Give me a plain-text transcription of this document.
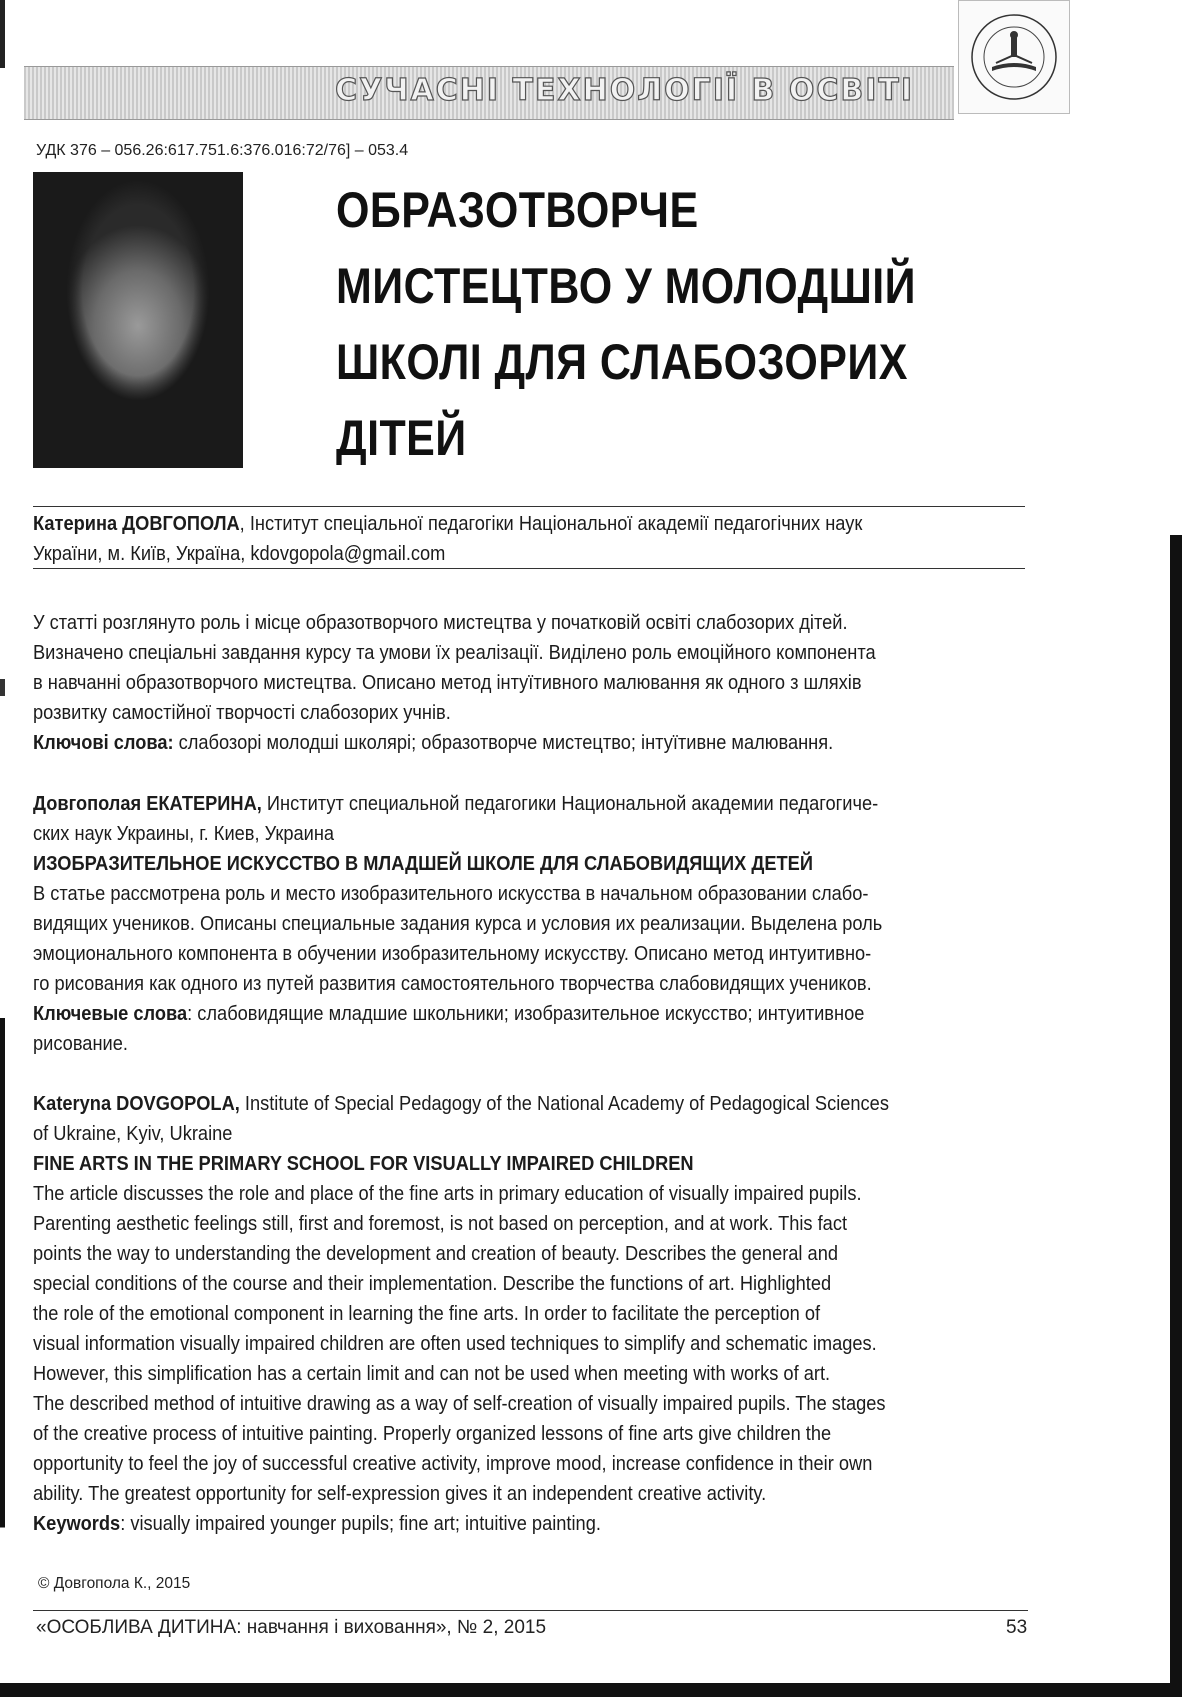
СУЧАСНІ ТЕХНОЛОГІЇ В ОСВІТІ
УДК 376 – 056.26:617.751.6:376.016:72/76] – 053.4
ОБРАЗОТВОРЧЕ
МИСТЕЦТВО У МОЛОДШІЙ
ШКОЛІ ДЛЯ СЛАБОЗОРИХ
ДІТЕЙ
Катерина ДОВГОПОЛА, Інститут спеціальної педагогіки Національної академії педагогічних наук
України, м. Київ, Україна, kdovgopola@gmail.com
У статті розглянуто роль і місце образотворчого мистецтва у початковій освіті слабозорих дітей.
Визначено спеціальні завдання курсу та умови їх реалізації. Виділено роль емоційного компонента
в навчанні образотворчого мистецтва. Описано метод інтуїтивного малювання як одного з шляхів
розвитку самостійної творчості слабозорих учнів.
Ключові слова: слабозорі молодші школярі; образотворче мистецтво; інтуїтивне малювання.
Довгополая ЕКАТЕРИНА, Институт специальной педагогики Национальной академии педагогиче-
ских наук Украины, г. Киев, Украина
ИЗОБРАЗИТЕЛЬНОЕ ИСКУССТВО В МЛАДШЕЙ ШКОЛЕ ДЛЯ СЛАБОВИДЯЩИХ ДЕТЕЙ
В статье рассмотрена роль и место изобразительного искусства в начальном образовании слабо-
видящих учеников. Описаны специальные задания курса и условия их реализации. Выделена роль
эмоционального компонента в обучении изобразительному искусству. Описано метод интуитивно-
го рисования как одного из путей развития самостоятельного творчества слабовидящих учеников.
Ключевые слова: слабовидящие младшие школьники; изобразительное искусство; интуитивное
рисование.
Kateryna DOVGOPOLA, Institute of Special Pedagogy of the National Academy of Pedagogical Sciences
of Ukraine, Kyiv, Ukraine
FINE ARTS IN THE PRIMARY SCHOOL FOR VISUALLY IMPAIRED CHILDREN
The article discusses the role and place of the fine arts in primary education of visually impaired pupils.
Parenting aesthetic feelings still, first and foremost, is not based on perception, and at work. This fact
points the way to understanding the development and creation of beauty. Describes the general and
special conditions of the course and their implementation. Describe the functions of art. Highlighted
the role of the emotional component in learning the fine arts. In order to facilitate the perception of
visual information visually impaired children are often used techniques to simplify and schematic images.
However, this simplification has a certain limit and can not be used when meeting with works of art.
The described method of intuitive drawing as a way of self-creation of visually impaired pupils. The stages
of the creative process of intuitive painting. Properly organized lessons of fine arts give children the
opportunity to feel the joy of successful creative activity, improve mood, increase confidence in their own
ability. The greatest opportunity for self-expression gives it an independent creative activity.
Keywords: visually impaired younger pupils; fine art; intuitive painting.
© Довгопола К., 2015
«ОСОБЛИВА ДИТИНА: навчання і виховання», № 2, 2015	53
